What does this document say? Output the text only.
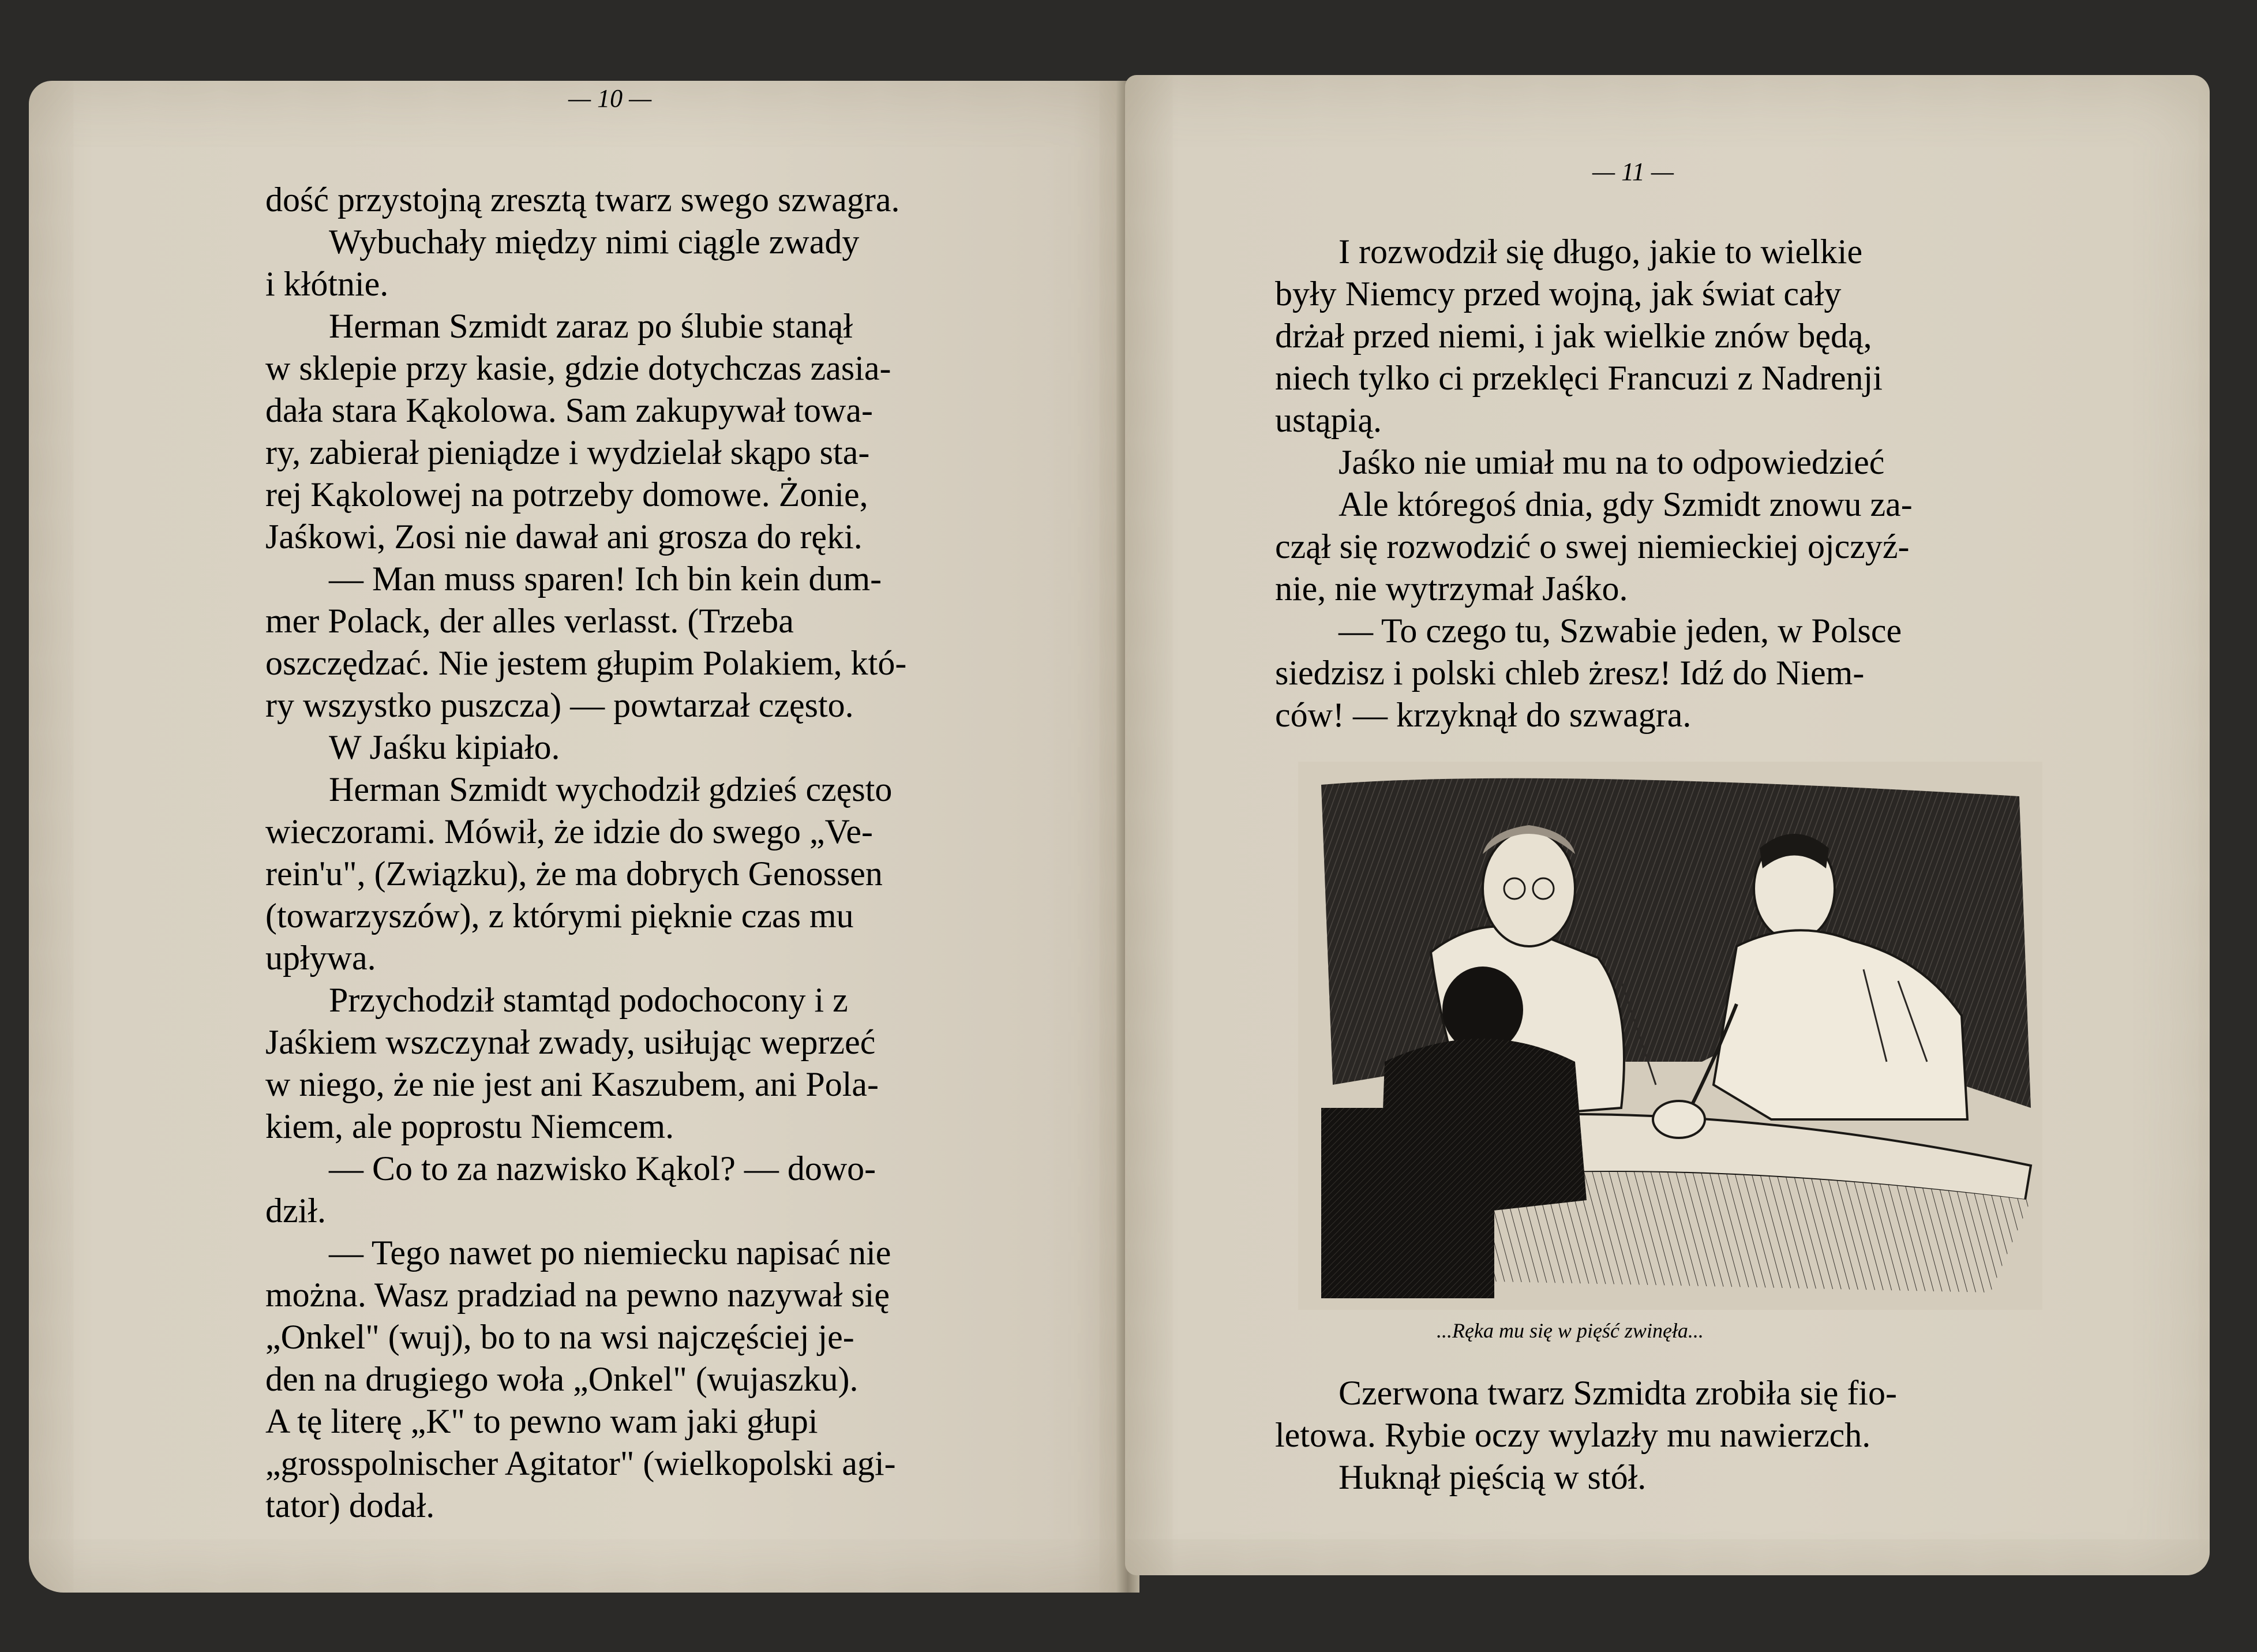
— 10 —

dość przystojną zresztą twarz swego szwagra.

Wybuchały między nimi ciągle zwady

i kłótnie.

Herman Szmidt zaraz po ślubie stanął

w sklepie przy kasie, gdzie dotychczas zasia-

dała stara Kąkolowa. Sam zakupywał towa-

ry, zabierał pieniądze i wydzielał skąpo sta-

rej Kąkolowej na potrzeby domowe. Żonie,

Jaśkowi, Zosi nie dawał ani grosza do ręki.

— Man muss sparen! Ich bin kein dum-

mer Polack, der alles verlasst. (Trzeba

oszczędzać. Nie jestem głupim Polakiem, któ-

ry wszystko puszcza) — powtarzał często.

W Jaśku kipiało.

Herman Szmidt wychodził gdzieś często

wieczorami. Mówił, że idzie do swego „Ve-

rein'u", (Związku), że ma dobrych Genossen

(towarzyszów), z którymi pięknie czas mu

upływa.

Przychodził stamtąd podochocony i z

Jaśkiem wszczynał zwady, usiłując weprzeć

w niego, że nie jest ani Kaszubem, ani Pola-

kiem, ale poprostu Niemcem.

— Co to za nazwisko Kąkol? — dowo-

dził.

— Tego nawet po niemiecku napisać nie

można. Wasz pradziad na pewno nazywał się

„Onkel" (wuj), bo to na wsi najczęściej je-

den na drugiego woła „Onkel" (wujaszku).

A tę literę „K" to pewno wam jaki głupi

„grosspolnischer Agitator" (wielkopolski agi-

tator) dodał.

— 11 —

I rozwodził się długo, jakie to wielkie

były Niemcy przed wojną, jak świat cały

drżał przed niemi, i jak wielkie znów będą,

niech tylko ci przeklęci Francuzi z Nadrenji

ustąpią.

Jaśko nie umiał mu na to odpowiedzieć

Ale któregoś dnia, gdy Szmidt znowu za-

czął się rozwodzić o swej niemieckiej ojczyź-

nie, nie wytrzymał Jaśko.

— To czego tu, Szwabie jeden, w Polsce

siedzisz i polski chleb żresz! Idź do Niem-

ców! — krzyknął do szwagra.

...Ręka mu się w pięść zwinęła...

Czerwona twarz Szmidta zrobiła się fio-

letowa. Rybie oczy wylazły mu nawierzch.

Huknął pięścią w stół.
